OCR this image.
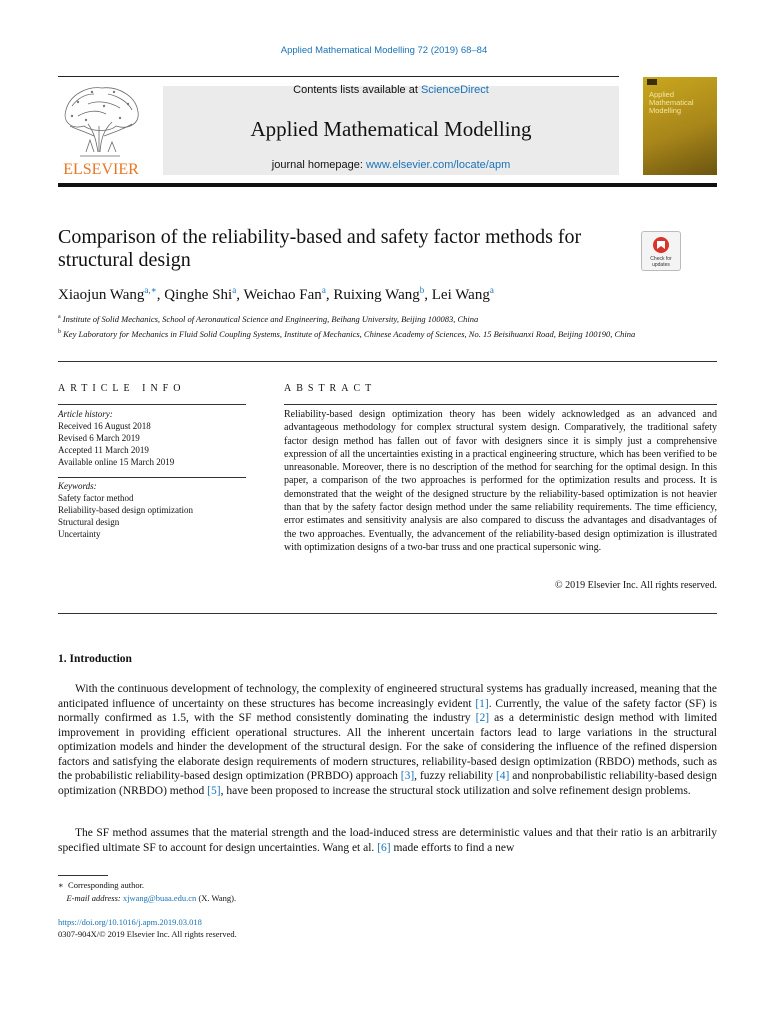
Applied Mathematical Modelling 72 (2019) 68–84
ELSEVIER
Contents lists available at ScienceDirect
Applied Mathematical Modelling
journal homepage: www.elsevier.com/locate/apm
Applied
Mathematical
Modelling
Comparison of the reliability-based and safety factor methods for structural design	Check for
updates
Xiaojun Wang$^{a,∗}$, Qinghe Shi$^a$, Weichao Fan$^a$, Ruixing Wang$^b$, Lei Wang$^a$
$^a$ Institute of Solid Mechanics, School of Aeronautical Science and Engineering, Beihang University, Beijing 100083, China
$^b$ Key Laboratory for Mechanics in Fluid Solid Coupling Systems, Institute of Mechanics, Chinese Academy of Sciences, No. 15 Beisihuanxi Road, Beijing 100190, China
ARTICLE INFO
Article history:
Received 16 August 2018
Revised 6 March 2019
Accepted 11 March 2019
Available online 15 March 2019
Keywords:
Safety factor method
Reliability-based design optimization
Structural design
Uncertainty
ABSTRACT
Reliability-based design optimization theory has been widely acknowledged as an advanced and advantageous methodology for complex structural system design. Comparatively, the traditional safety factor design method has fallen out of favor with designers since it is simply just a comprehensive expression of all the uncertainties existing in a practical engineering structure, which has been verified to be unreasonable. Moreover, there is no description of the method for searching for the optimal design. In this paper, a comparison of the two approaches is performed for the optimization results and process. It is demonstrated that the weight of the designed structure by the reliability-based optimization is not heavier than that by the safety factor design method under the same reliability requirements. The time efficiency, error estimates and sensitivity analysis are also compared to discuss the advantages and disadvantages of the two approaches. Eventually, the advancement of the reliability-based design optimization is illustrated with optimization designs of a two-bar truss and one practical supersonic wing.
© 2019 Elsevier Inc. All rights reserved.
1. Introduction
With the continuous development of technology, the complexity of engineered structural systems has gradually increased, meaning that the anticipated influence of uncertainty on these structures has become increasingly evident [1]. Currently, the value of the safety factor (SF) is normally confirmed as 1.5, with the SF method consistently dominating the industry [2] as a deterministic design method with limited improvement in providing efficient operational structures. All the inherent uncertain factors lead to large variations in the structural optimization models and hinder the development of the structural design. For the sake of considering the influence of the refined dispersion factors and satisfying the elaborate design requirements of modern structures, reliability-based design optimization (RBDO) methods, such as the probabilistic reliability-based design optimization (PRBDO) approach [3], fuzzy reliability [4] and nonprobabilistic reliability-based design optimization (NRBDO) method [5], have been proposed to increase the structural stock utilization and solve refinement design problems.
The SF method assumes that the material strength and the load-induced stress are deterministic values and that their ratio is an arbitrarily specified ultimate SF to account for design uncertainties. Wang et al. [6] made efforts to find a new
∗ Corresponding author.
E-mail address: xjwang@buaa.edu.cn (X. Wang).
https://doi.org/10.1016/j.apm.2019.03.018
0307-904X/© 2019 Elsevier Inc. All rights reserved.
